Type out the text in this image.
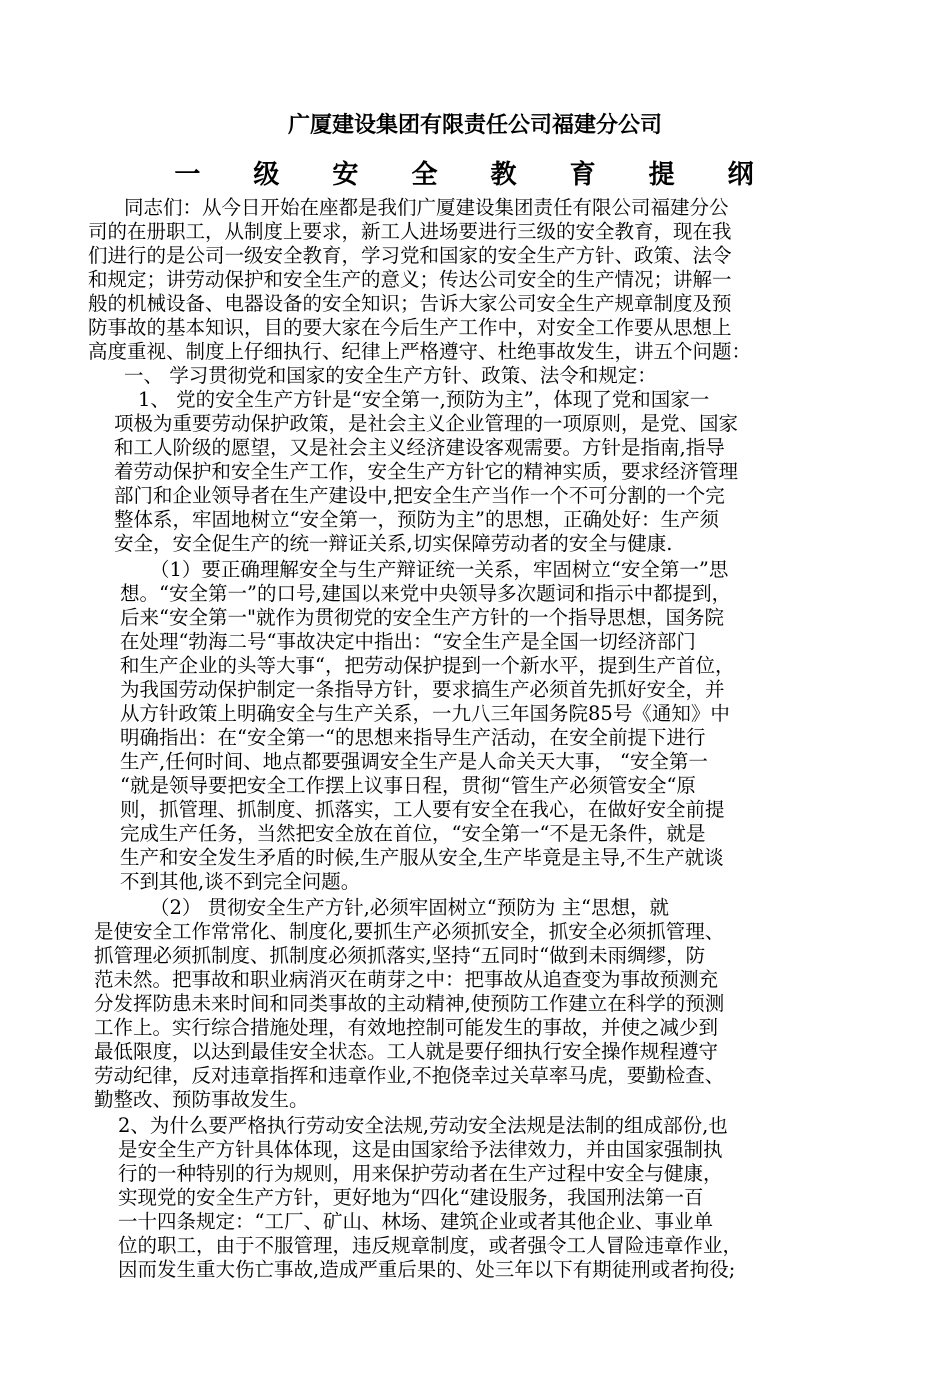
广厦建设集团有限责任公司福建分公司
一 级 安 全 教 育 提 纲
同志们：从今日开始在座都是我们广厦建设集团责任有限公司福建分公
司的在册职工，从制度上要求，新工人进场要进行三级的安全教育，现在我
们进行的是公司一级安全教育，学习党和国家的安全生产方针、政策、法令
和规定；讲劳动保护和安全生产的意义；传达公司安全的生产情况；讲解一
般的机械设备、电器设备的安全知识；告诉大家公司安全生产规章制度及预
防事故的基本知识，目的要大家在今后生产工作中，对安全工作要从思想上
高度重视、制度上仔细执行、纪律上严格遵守、杜绝事故发生，讲五个问题：
一、 学习贯彻党和国家的安全生产方针、政策、法令和规定：
1、 党的安全生产方针是“安全第一,预防为主”，体现了党和国家一
项极为重要劳动保护政策，是社会主义企业管理的一项原则，是党、国家
和工人阶级的愿望，又是社会主义经济建设客观需要。方针是指南,指导
着劳动保护和安全生产工作，安全生产方针它的精神实质，要求经济管理
部门和企业领导者在生产建设中,把安全生产当作一个不可分割的一个完
整体系，牢固地树立“安全第一，预防为主”的思想，正确处好：生产须
安全，安全促生产的统一辩证关系,切实保障劳动者的安全与健康.
（1）要正确理解安全与生产辩证统一关系，牢固树立“安全第一”思
想。“安全第一”的口号,建国以来党中央领导多次题词和指示中都提到，
后来“安全第一"就作为贯彻党的安全生产方针的一个指导思想，国务院
在处理“勃海二号“事故决定中指出：“安全生产是全国一切经济部门
和生产企业的头等大事“，把劳动保护提到一个新水平，提到生产首位，
为我国劳动保护制定一条指导方针，要求搞生产必须首先抓好安全，并
从方针政策上明确安全与生产关系，一九八三年国务院85号《通知》中
明确指出：在“安全第一“的思想来指导生产活动，在安全前提下进行
生产,任何时间、地点都要强调安全生产是人命关天大事， “安全第一
“就是领导要把安全工作摆上议事日程，贯彻“管生产必须管安全“原
则，抓管理、抓制度、抓落实，工人要有安全在我心，在做好安全前提
完成生产任务，当然把安全放在首位，“安全第一“不是无条件，就是
生产和安全发生矛盾的时候,生产服从安全,生产毕竟是主导,不生产就谈
不到其他,谈不到完全问题。
（2） 贯彻安全生产方针,必须牢固树立“预防为 主“思想，就
是使安全工作常常化、制度化,要抓生产必须抓安全，抓安全必须抓管理、
抓管理必须抓制度、抓制度必须抓落实,坚持“五同时“做到未雨绸缪，防
范未然。把事故和职业病消灭在萌芽之中：把事故从追查变为事故预测充
分发挥防患未来时间和同类事故的主动精神,使预防工作建立在科学的预测
工作上。实行综合措施处理，有效地控制可能发生的事故，并使之减少到
最低限度，以达到最佳安全状态。工人就是要仔细执行安全操作规程遵守
劳动纪律，反对违章指挥和违章作业,不抱侥幸过关草率马虎，要勤检查、
勤整改、预防事故发生。
2、为什么要严格执行劳动安全法规,劳动安全法规是法制的组成部份,也
是安全生产方针具体体现，这是由国家给予法律效力，并由国家强制执
行的一种特别的行为规则，用来保护劳动者在生产过程中安全与健康，
实现党的安全生产方针，更好地为“四化“建设服务，我国刑法第一百
一十四条规定：“工厂、矿山、林场、建筑企业或者其他企业、事业单
位的职工，由于不服管理，违反规章制度，或者强令工人冒险违章作业，
因而发生重大伤亡事故,造成严重后果的、处三年以下有期徒刑或者拘役;
